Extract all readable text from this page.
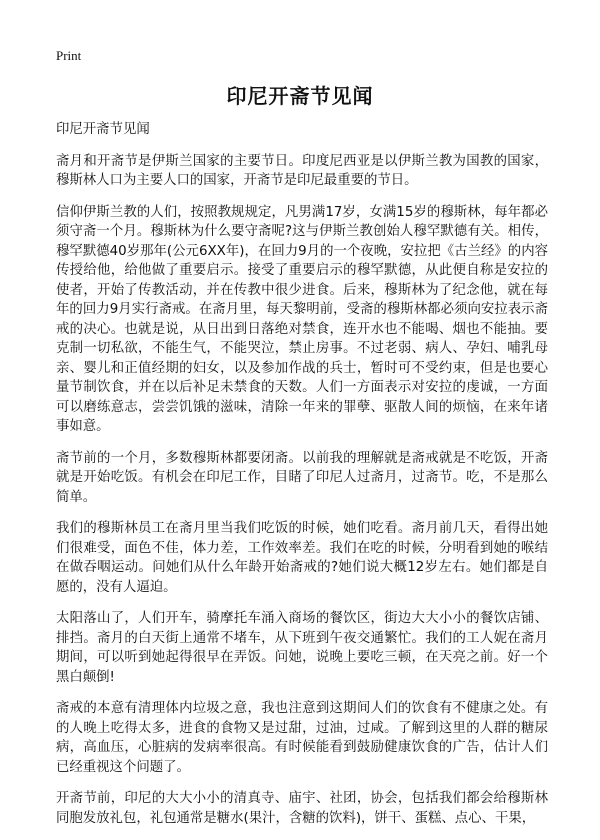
Print
印尼开斋节见闻

印尼开斋节见闻

斋月和开斋节是伊斯兰国家的主要节日。印度尼西亚是以伊斯兰教为国教的国家，穆斯林人口为主要人口的国家，开斋节是印尼最重要的节日。

信仰伊斯兰教的人们，按照教规规定，凡男满17岁，女满15岁的穆斯林，每年都必须守斋一个月。穆斯林为什么要守斋呢?这与伊斯兰教创始人穆罕默德有关。相传，穆罕默德40岁那年(公元6XX年)，在回力9月的一个夜晚，安拉把《古兰经》的内容传授给他，给他做了重要启示。接受了重要启示的穆罕默德，从此便自称是安拉的使者，开始了传教活动，并在传教中很少进食。后来，穆斯林为了纪念他，就在每年的回力9月实行斋戒。在斋月里，每天黎明前，受斋的穆斯林都必须向安拉表示斋戒的决心。也就是说，从日出到日落绝对禁食，连开水也不能喝、烟也不能抽。要克制一切私欲，不能生气，不能哭泣，禁止房事。不过老弱、病人、孕妇、哺乳母亲、婴儿和正值经期的妇女，以及参加作战的兵士，暂时可不受约束，但是也要心量节制饮食，并在以后补足未禁食的天数。人们一方面表示对安拉的虔诚，一方面可以磨练意志，尝尝饥饿的滋味，清除一年来的罪孽、驱散人间的烦恼，在来年诸事如意。

斋节前的一个月，多数穆斯林都要闭斋。以前我的理解就是斋戒就是不吃饭，开斋就是开始吃饭。有机会在印尼工作，目睹了印尼人过斋月，过斋节。吃，不是那么简单。

我们的穆斯林员工在斋月里当我们吃饭的时候，她们吃看。斋月前几天，看得出她们很难受，面色不佳，体力差，工作效率差。我们在吃的时候，分明看到她的喉结在做吞咽运动。问她们从什么年龄开始斋戒的?她们说大概12岁左右。她们都是自愿的，没有人逼迫。

太阳落山了，人们开车，骑摩托车涌入商场的餐饮区，街边大大小小的餐饮店铺、排挡。斋月的白天街上通常不堵车，从下班到午夜交通繁忙。我们的工人妮在斋月期间，可以听到她起得很早在弄饭。问她，说晚上要吃三顿，在天亮之前。好一个黑白颠倒!

斋戒的本意有清理体内垃圾之意，我也注意到这期间人们的饮食有不健康之处。有的人晚上吃得太多，进食的食物又是过甜，过油，过咸。了解到这里的人群的糖尿病，高血压，心脏病的发病率很高。有时候能看到鼓励健康饮食的广告，估计人们已经重视这个问题了。

开斋节前，印尼的大大小小的清真寺、庙宇、社团，协会，包括我们都会给穆斯林同胞发放礼包，礼包通常是糖水(果汁，含糖的饮料)，饼干、蛋糕、点心、干果，
